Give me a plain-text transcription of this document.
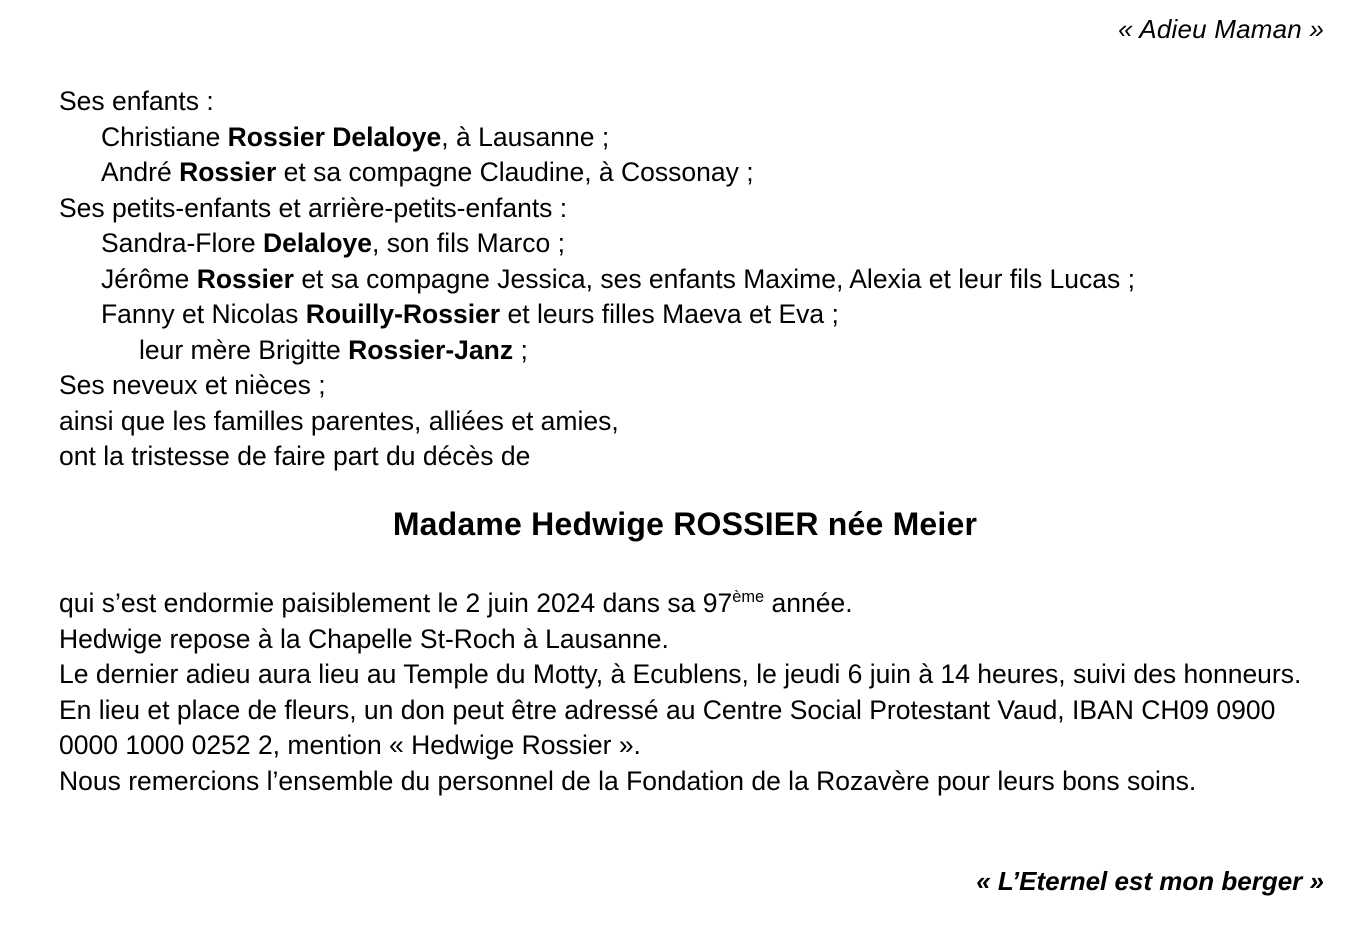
« Adieu Maman »
Ses enfants :
Christiane Rossier Delaloye, à Lausanne ;
André Rossier et sa compagne Claudine, à Cossonay ;
Ses petits-enfants et arrière-petits-enfants :
Sandra-Flore Delaloye, son fils Marco ;
Jérôme Rossier et sa compagne Jessica, ses enfants Maxime, Alexia et leur fils Lucas ;
Fanny et Nicolas Rouilly-Rossier et leurs filles Maeva et Eva ;
leur mère Brigitte Rossier-Janz ;
Ses neveux et nièces ;
ainsi que les familles parentes, alliées et amies,
ont la tristesse de faire part du décès de
Madame Hedwige ROSSIER née Meier
qui s’est endormie paisiblement le 2 juin 2024 dans sa 97ème année.
Hedwige repose à la Chapelle St-Roch à Lausanne.
Le dernier adieu aura lieu au Temple du Motty, à Ecublens, le jeudi 6 juin à 14 heures, suivi des honneurs.
En lieu et place de fleurs, un don peut être adressé au Centre Social Protestant Vaud, IBAN CH09 0900 0000 1000 0252 2, mention « Hedwige Rossier ».
Nous remercions l’ensemble du personnel de la Fondation de la Rozavère pour leurs bons soins.
« L’Eternel est mon berger »
